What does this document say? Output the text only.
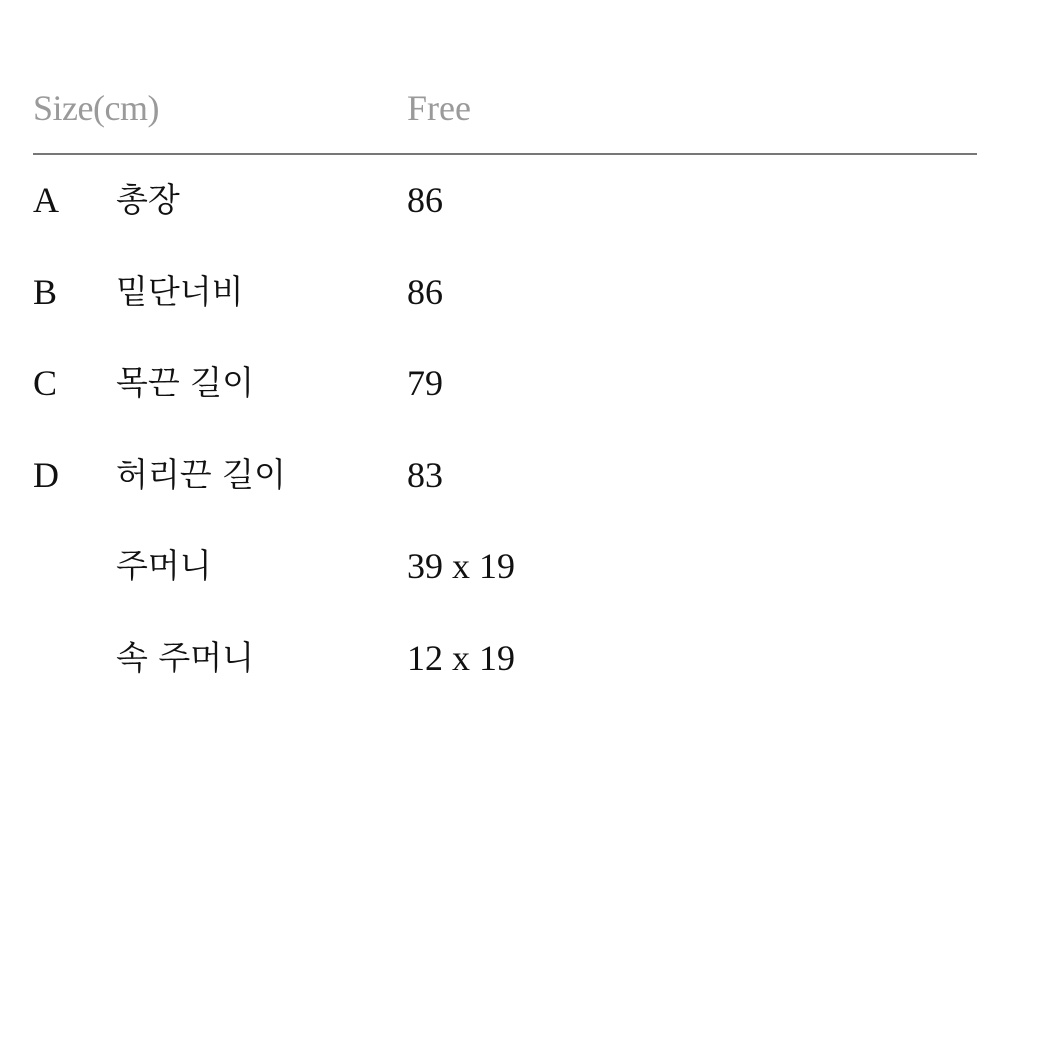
Size(cm)	Free
A 총장	86
B 밑단너비	86
C 목끈 길이	79
D 허리끈 길이	83
주머니	39 x 19
속 주머니	12 x 19
